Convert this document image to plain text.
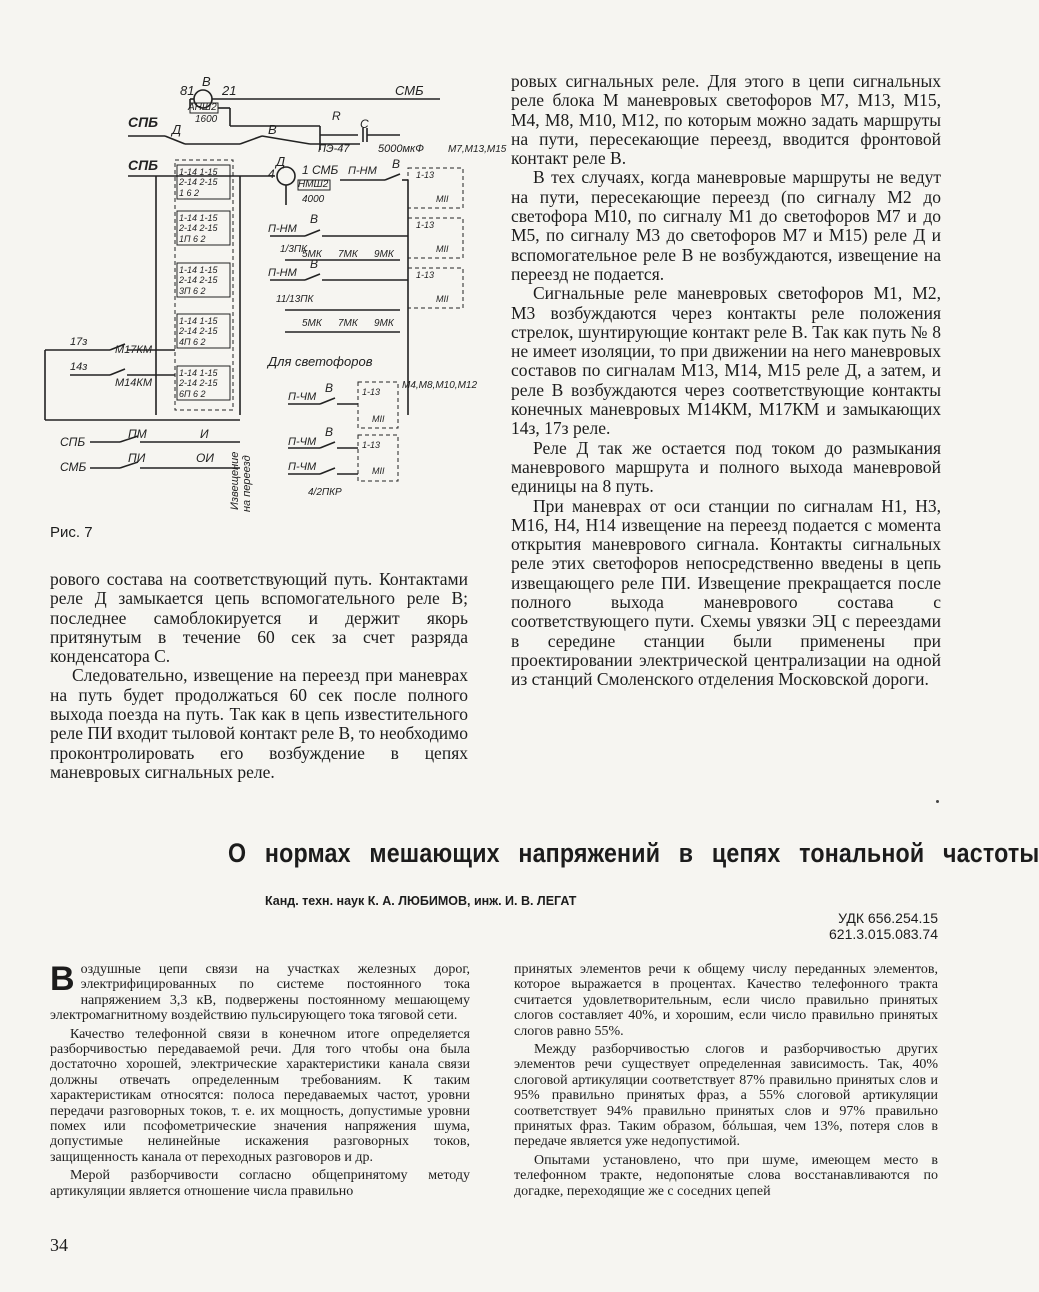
81
В
21	СМБ
АНШ2
1600	R
С
ПЭ-47	5000мкФ М7,М13,М15
СПБ Д	В
СПБ	Д
4 1 СМБ
НМШ2
4000
1-14 1-15
2-14 2-15
1 6 2
1-14 1-15
2-14 2-15
1П 6 2
1-14 1-15
2-14 2-15
3П 6 2
1-14 1-15
2-14 2-15
4П 6 2
1-14 1-15
2-14 2-15
6П 6 2
П-НМ В
1-13
МII
П-НМ
В
1/3ПК
5МК 7МК 9МК
1-13
МII
П-НМ
В
11/13ПК
5МК 7МК 9МК
1-13
МII
Для светофоров
М4,М8,М10,М12
П-ЧМ
В	1-13
МII
П-ЧМ
В
П-ЧМ
4/2ПКР
1-13
МII
17з
14з
М17КМ
М14КМ
СПБ
СМБ
ПМ
ПИ
И
ОИ Извещение на переезд
Рис. 7

ровых сигнальных реле. Для этого в цепи сигнальных реле блока М маневровых светофоров М7, М13, М15, М4, М8, М10, М12, по которым можно задать маршруты на пути, пересекающие переезд, вводится фронтовой контакт реле В.

В тех случаях, когда маневровые маршруты не ведут на пути, пересекающие переезд (по сигналу М2 до светофора М10, по сигналу М1 до светофоров М7 и до М5, по сигналу М3 до светофоров М7 и М15) реле Д и вспомогательное реле В не возбуждаются, извещение на переезд не подается.

Сигнальные реле маневровых светофоров М1, М2, М3 возбуждаются через контакты реле положения стрелок, шунтирующие контакт реле В. Так как путь № 8 не имеет изоляции, то при движении на него маневровых составов по сигналам М13, М14, М15 реле Д, а затем, и реле В возбуждаются через соответствующие контакты конечных маневровых М14КМ, М17КМ и замыкающих 14з, 17з реле.

Реле Д так же остается под током до размыкания маневрового маршрута и полного выхода маневровой единицы на 8 путь.

При маневрах от оси станции по сигналам Н1, Н3, М16, Н4, Н14 извещение на переезд подается с момента открытия маневрового сигнала. Контакты сигнальных реле этих светофоров непосредственно введены в цепь извещающего реле ПИ. Извещение прекращается после полного выхода маневрового состава с соответствующего пути. Схемы увязки ЭЦ с переездами в середине станции были применены при проектировании электрической централизации на одной из станций Смоленского отделения Московской дороги.

рового состава на соответствующий путь. Контактами реле Д замыкается цепь вспомогательного реле В; последнее самоблокируется и держит якорь притянутым в течение 60 сек за счет разряда конденсатора С.

Следовательно, извещение на переезд при маневрах на путь будет продолжаться 60 сек после полного выхода поезда на путь. Так как в цепь известительного реле ПИ входит тыловой контакт реле В, то необходимо проконтролировать его возбуждение в цепях маневровых сигнальных реле.

О нормах мешающих напряжений в цепях тональной частоты
Канд. техн. наук К. А. ЛЮБИМОВ, инж. И. В. ЛЕГАТ
УДК 656.254.15
621.3.015.083.74

Воздушные цепи связи на участках железных дорог, электрифицированных по системе постоянного тока напряжением 3,3 кВ, подвержены постоянному мешающему электромагнитному воздействию пульсирующего тока тяговой сети.

Качество телефонной связи в конечном итоге определяется разборчивостью передаваемой речи. Для того чтобы она была достаточно хорошей, электрические характеристики канала связи должны отвечать определенным требованиям. К таким характеристикам относятся: полоса передаваемых частот, уровни передачи разговорных токов, т. е. их мощность, допустимые уровни помех или псофометрические значения напряжения шума, допустимые нелинейные искажения разговорных токов, защищенность канала от переходных разговоров и др.

Мерой разборчивости согласно общепринятому методу артикуляции является отношение числа правильно

принятых элементов речи к общему числу переданных элементов, которое выражается в процентах. Качество телефонного тракта считается удовлетворительным, если число правильно принятых слогов составляет 40%, и хорошим, если число правильно принятых слогов равно 55%.

Между разборчивостью слогов и разборчивостью других элементов речи существует определенная зависимость. Так, 40% слоговой артикуляции соответствует 87% правильно принятых слов и 95% правильно принятых фраз, а 55% слоговой артикуляции соответствует 94% правильно принятых слов и 97% правильно принятых фраз. Таким образом, бóльшая, чем 13%, потеря слов в передаче является уже недопустимой.

Опытами установлено, что при шуме, имеющем место в телефонном тракте, недопонятые слова восстанавливаются по догадке, переходящие же с соседних цепей

34
